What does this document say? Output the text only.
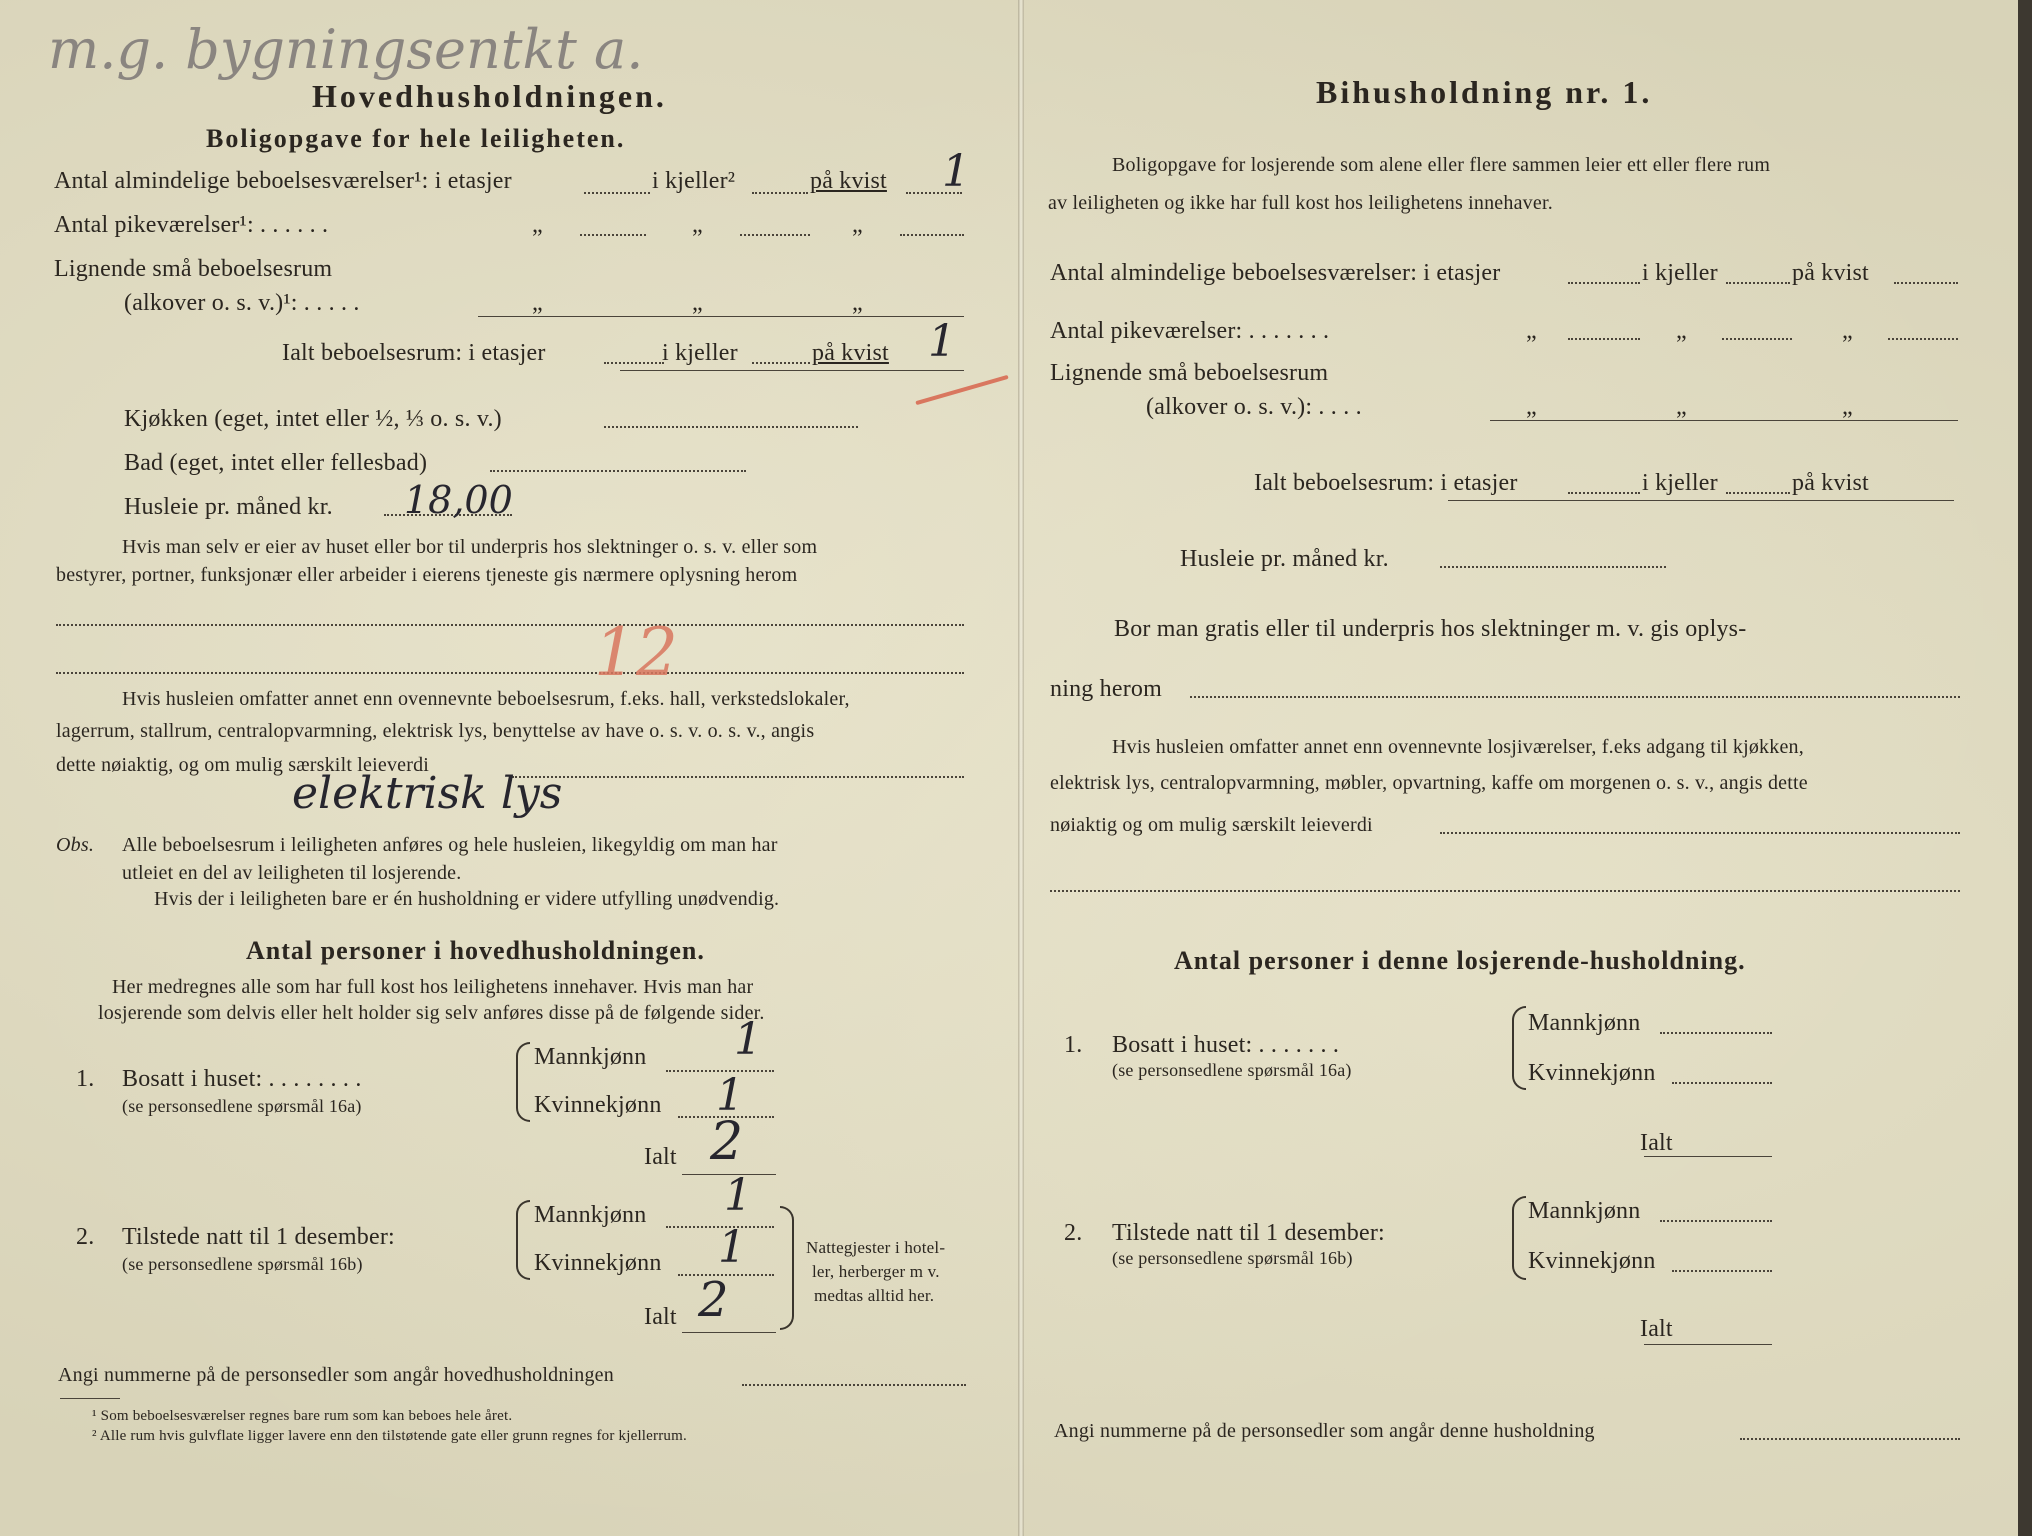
m.g. bygningsentkt a.
Hovedhusholdningen.
Boligopgave for hele leiligheten.
Antal almindelige beboelsesværelser¹: i etasjer	i kjeller²	på kvist 1
Antal pikeværelser¹: . . . . . .	„	„	„
Lignende små beboelsesrum
(alkover o. s. v.)¹: . . . . .	„	„	„
Ialt beboelsesrum: i etasjer	i kjeller	på kvist 1
Kjøkken (eget, intet eller ½, ⅓ o. s. v.)
Bad (eget, intet eller fellesbad)
Husleie pr. måned kr. 18,00
Hvis man selv er eier av huset eller bor til underpris hos slektninger o. s. v. eller som
bestyrer, portner, funksjonær eller arbeider i eierens tjeneste gis nærmere oplysning herom
12
Hvis husleien omfatter annet enn ovennevnte beboelsesrum, f.eks. hall, verkstedslokaler,
lagerrum, stallrum, centralopvarmning, elektrisk lys, benyttelse av have o. s. v. o. s. v., angis
dette nøiaktig, og om mulig særskilt leieverdi
elektrisk lys
Obs. Alle beboelsesrum i leiligheten anføres og hele husleien, likegyldig om man har
utleiet en del av leiligheten til losjerende.
Hvis der i leiligheten bare er én husholdning er videre utfylling unødvendig.
Antal personer i hovedhusholdningen.
Her medregnes alle som har full kost hos leilighetens innehaver. Hvis man har
losjerende som delvis eller helt holder sig selv anføres disse på de følgende sider.
1. Bosatt i huset: . . . . . . . .
(se personsedlene spørsmål 16a)
Mannkjønn 1
Kvinnekjønn 1
Ialt 2
2. Tilstede natt til 1 desember:
(se personsedlene spørsmål 16b)
Mannkjønn 1
Kvinnekjønn 1
Ialt 2
Nattegjester i hotel-
ler, herberger m v.
medtas alltid her.
Angi nummerne på de personsedler som angår hovedhusholdningen
¹ Som beboelsesværelser regnes bare rum som kan beboes hele året.
² Alle rum hvis gulvflate ligger lavere enn den tilstøtende gate eller grunn regnes for kjellerrum.
Bihusholdning nr. 1.
Boligopgave for losjerende som alene eller flere sammen leier ett eller flere rum
av leiligheten og ikke har full kost hos leilighetens innehaver.
Antal almindelige beboelsesværelser: i etasjer	i kjeller	på kvist
Antal pikeværelser: . . . . . . .	„	„	„
Lignende små beboelsesrum
(alkover o. s. v.): . . . .	„	„	„
Ialt beboelsesrum: i etasjer	i kjeller	på kvist
Husleie pr. måned kr.
Bor man gratis eller til underpris hos slektninger m. v. gis oplys-
ning herom
Hvis husleien omfatter annet enn ovennevnte losjiværelser, f.eks adgang til kjøkken,
elektrisk lys, centralopvarmning, møbler, opvartning, kaffe om morgenen o. s. v., angis dette
nøiaktig og om mulig særskilt leieverdi
Antal personer i denne losjerende-husholdning.
1. Bosatt i huset: . . . . . . .
(se personsedlene spørsmål 16a)
Mannkjønn
Kvinnekjønn
Ialt
2. Tilstede natt til 1 desember:
(se personsedlene spørsmål 16b)
Mannkjønn
Kvinnekjønn
Ialt
Angi nummerne på de personsedler som angår denne husholdning
